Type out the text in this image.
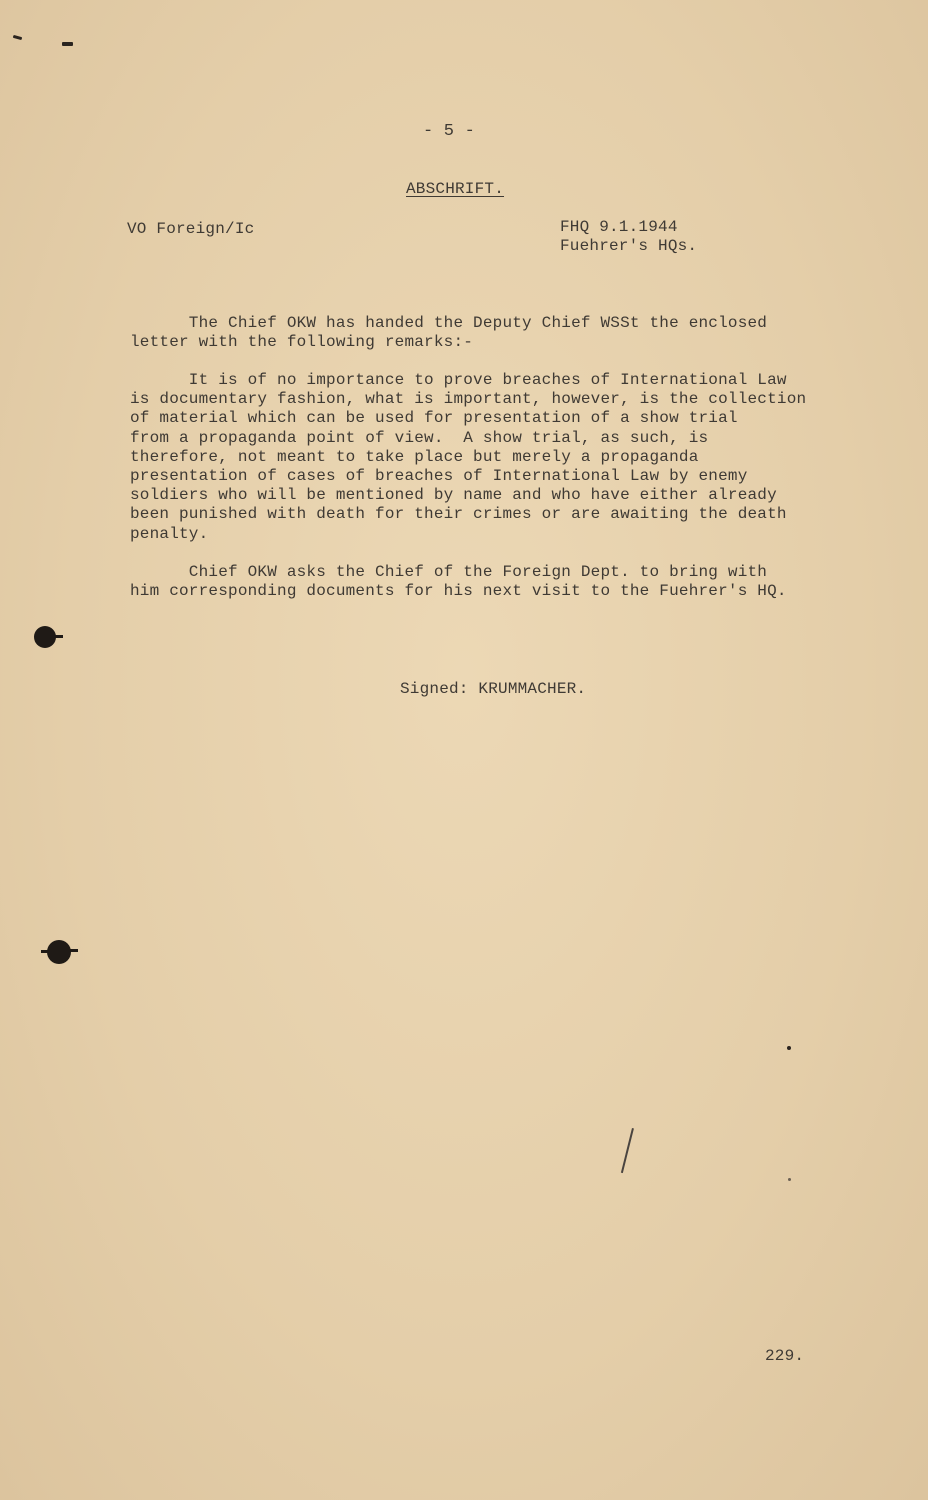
- 5 -
ABSCHRIFT.
VO Foreign/Ic	FHQ 9.1.1944
Fuehrer's HQs.
The Chief OKW has handed the Deputy Chief WSSt the enclosed
letter with the following remarks:-
It is of no importance to prove breaches of International Law
is documentary fashion, what is important, however, is the collection
of material which can be used for presentation of a show trial
from a propaganda point of view.  A show trial, as such, is
therefore, not meant to take place but merely a propaganda
presentation of cases of breaches of International Law by enemy
soldiers who will be mentioned by name and who have either already
been punished with death for their crimes or are awaiting the death
penalty.
Chief OKW asks the Chief of the Foreign Dept. to bring with
him corresponding documents for his next visit to the Fuehrer's HQ.
Signed: KRUMMACHER.
229.
